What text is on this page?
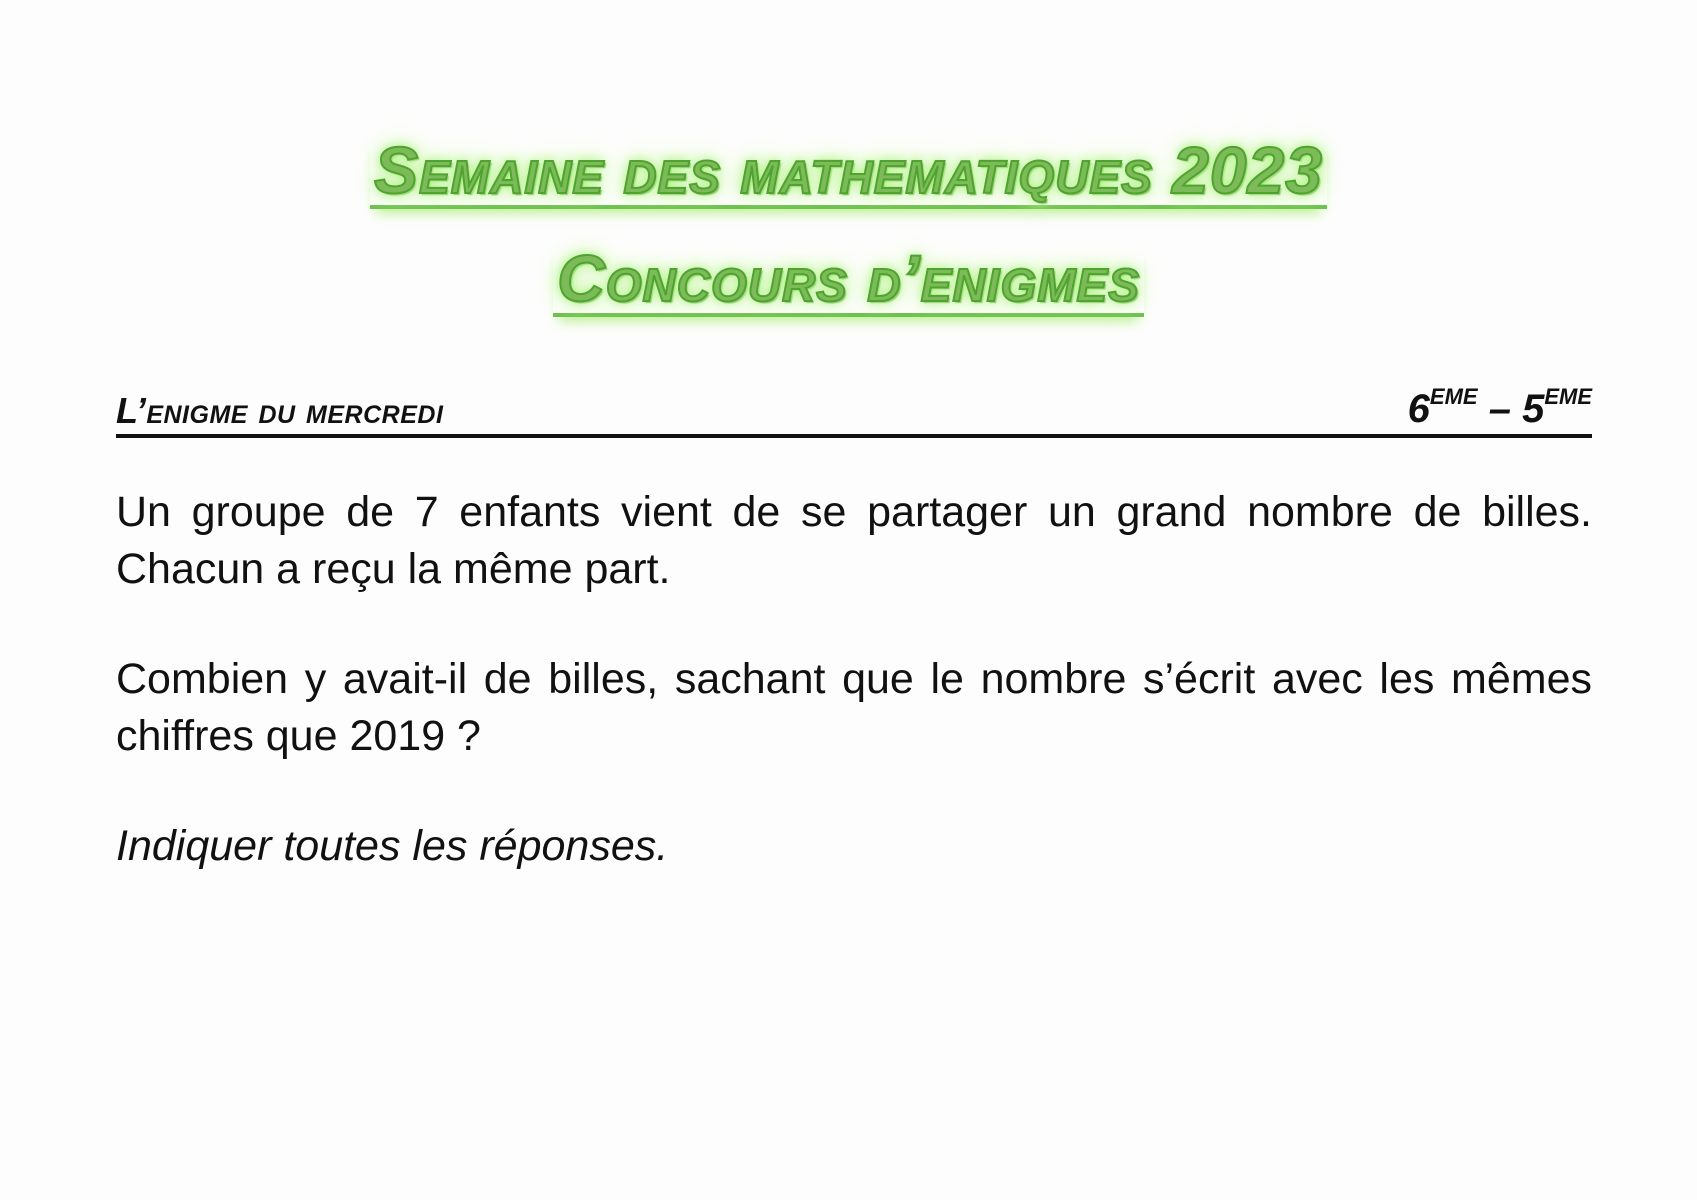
Semaine des mathematiques 2023
Concours d’enigmes
L’enigme du mercredi	6EME – 5EME

Un groupe de 7 enfants vient de se partager un grand nombre de billes. Chacun a reçu la même part.

Combien y avait-il de billes, sachant que le nombre s’écrit avec les mêmes chiffres que 2019 ?

Indiquer toutes les réponses.
